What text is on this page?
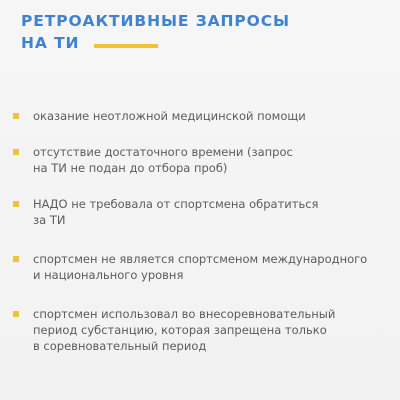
РЕТРОАКТИВНЫЕ ЗАПРОСЫ
НА ТИ

оказание неотложной медицинской помощи

отсутствие достаточного времени (запрос
на ТИ не подан до отбора проб)

НАДО не требовала от спортсмена обратиться
за ТИ

спортсмен не является спортсменом международного
и национального уровня

спортсмен использовал во внесоревновательный
период субстанцию, которая запрещена только
в соревновательный период
